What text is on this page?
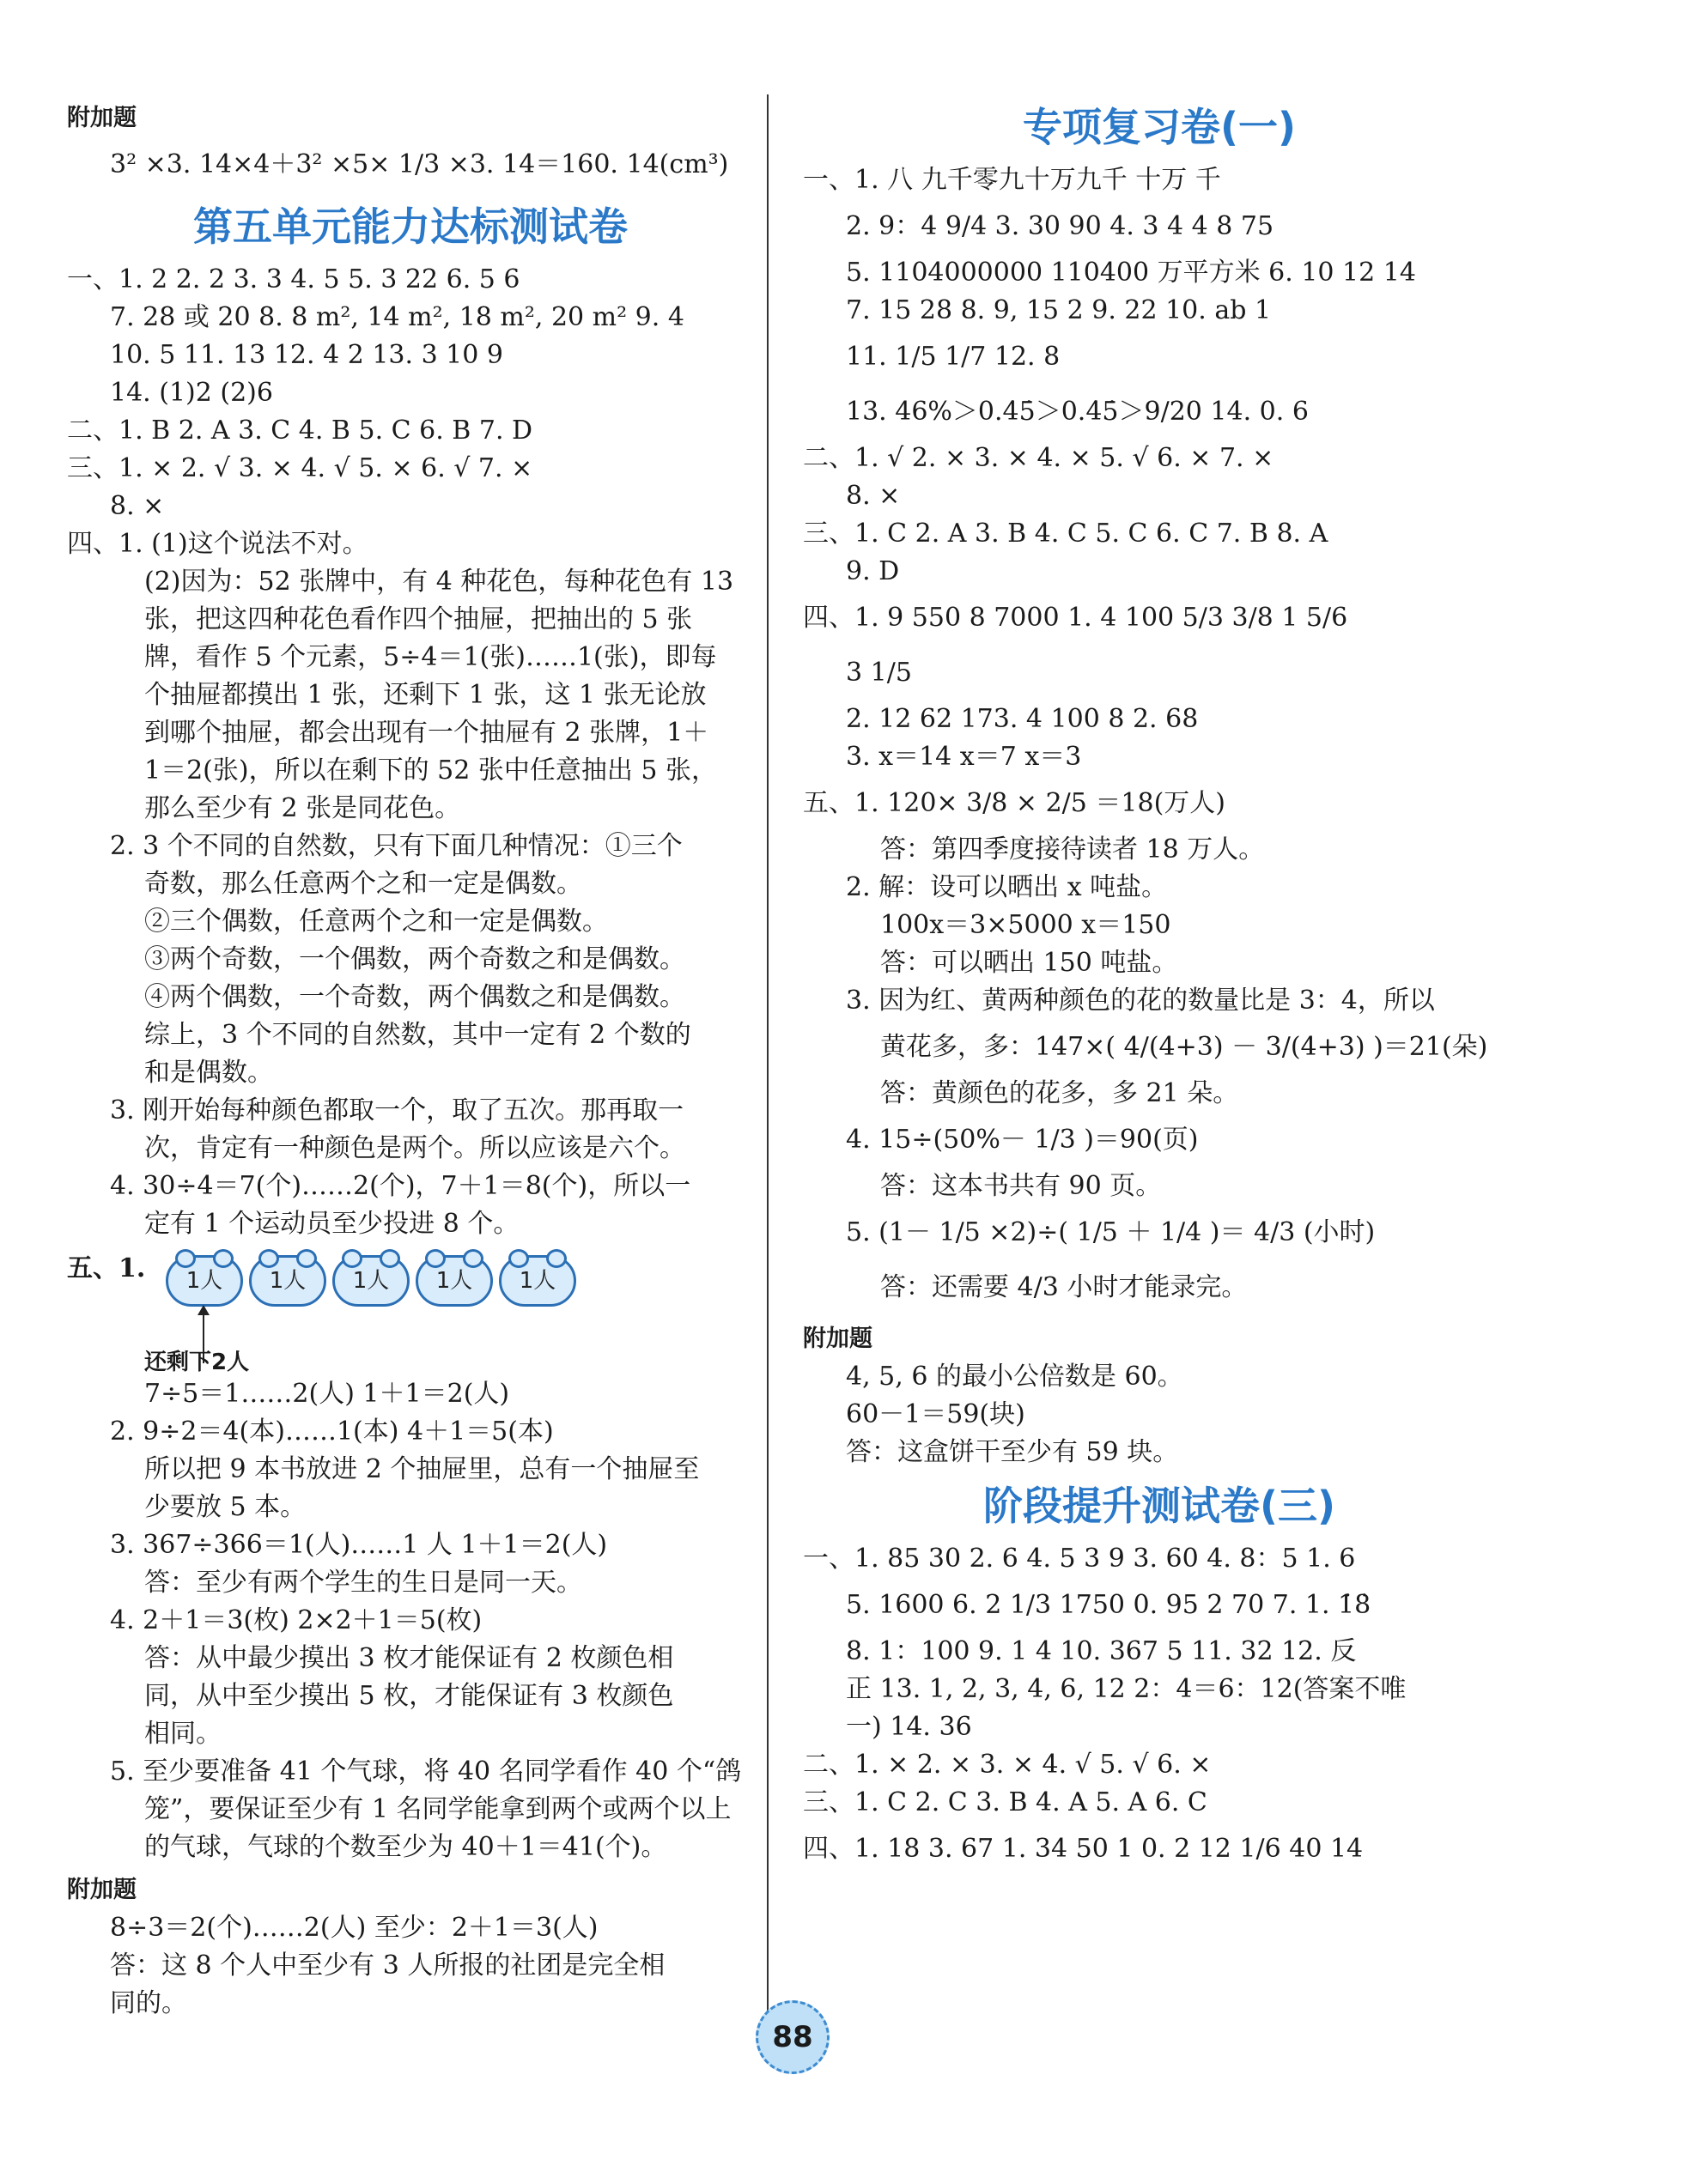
附加题
3² ×3. 14×4＋3² ×5× 1/3 ×3. 14＝160. 14(cm³)
第五单元能力达标测试卷
一、1. 2 2. 2 3. 3 4. 5 5. 3 22 6. 5 6
7. 28 或 20 8. 8 m², 14 m², 18 m², 20 m² 9. 4
10. 5 11. 13 12. 4 2 13. 3 10 9
14. (1)2 (2)6
二、1. B 2. A 3. C 4. B 5. C 6. B 7. D
三、1. × 2. √ 3. × 4. √ 5. × 6. √ 7. ×
8. ×
四、1. (1)这个说法不对。
(2)因为：52 张牌中，有 4 种花色，每种花色有 13
张，把这四种花色看作四个抽屉，把抽出的 5 张
牌，看作 5 个元素，5÷4＝1(张)……1(张)，即每
个抽屉都摸出 1 张，还剩下 1 张，这 1 张无论放
到哪个抽屉，都会出现有一个抽屉有 2 张牌，1＋
1＝2(张)，所以在剩下的 52 张中任意抽出 5 张，
那么至少有 2 张是同花色。
2. 3 个不同的自然数，只有下面几种情况：①三个
奇数，那么任意两个之和一定是偶数。
②三个偶数，任意两个之和一定是偶数。
③两个奇数，一个偶数，两个奇数之和是偶数。
④两个偶数，一个奇数，两个偶数之和是偶数。
综上，3 个不同的自然数，其中一定有 2 个数的
和是偶数。
3. 刚开始每种颜色都取一个，取了五次。那再取一
次，肯定有一种颜色是两个。所以应该是六个。
4. 30÷4＝7(个)……2(个)，7＋1＝8(个)，所以一
定有 1 个运动员至少投进 8 个。
五、1.	1人	1人	1人	1人	1人
还剩下2人
7÷5＝1……2(人) 1＋1＝2(人)
2. 9÷2＝4(本)……1(本) 4＋1＝5(本)
所以把 9 本书放进 2 个抽屉里，总有一个抽屉至
少要放 5 本。
3. 367÷366＝1(人)……1 人 1＋1＝2(人)
答：至少有两个学生的生日是同一天。
4. 2＋1＝3(枚) 2×2＋1＝5(枚)
答：从中最少摸出 3 枚才能保证有 2 枚颜色相
同，从中至少摸出 5 枚，才能保证有 3 枚颜色
相同。
5. 至少要准备 41 个气球，将 40 名同学看作 40 个“鸽
笼”，要保证至少有 1 名同学能拿到两个或两个以上
的气球，气球的个数至少为 40＋1＝41(个)。
附加题
8÷3＝2(个)……2(人) 至少：2＋1＝3(人)
答：这 8 个人中至少有 3 人所报的社团是完全相
同的。
专项复习卷(一)
一、1. 八 九千零九十万九千 十万 千
2. 9：4 9/4 3. 30 90 4. 3 4 4 8 75
5. 1104000000 110400 万平方米 6. 10 12 14
7. 15 28 8. 9, 15 2 9. 22 10. ab 1
11. 1/5 1/7 12. 8
13. 46%＞0.4̇5̇＞0.4̇5̇＞9/20 14. 0. 6
二、1. √ 2. × 3. × 4. × 5. √ 6. × 7. ×
8. ×
三、1. C 2. A 3. B 4. C 5. C 6. C 7. B 8. A
9. D
四、1. 9 550 8 7000 1. 4 100 5/3 3/8 1 5/6
3 1/5
2. 12 62 173. 4 100 8 2. 68
3. x＝14 x＝7 x＝3
五、1. 120× 3/8 × 2/5 ＝18(万人)
答：第四季度接待读者 18 万人。
2. 解：设可以晒出 x 吨盐。
100x＝3×5000 x＝150
答：可以晒出 150 吨盐。
3. 因为红、黄两种颜色的花的数量比是 3：4，所以
黄花多，多：147×( 4/(4+3) － 3/(4+3) )＝21(朵)
答：黄颜色的花多，多 21 朵。
4. 15÷(50%－ 1/3 )＝90(页)
答：这本书共有 90 页。
5. (1－ 1/5 ×2)÷( 1/5 ＋ 1/4 )＝ 4/3 (小时)
答：还需要 4/3 小时才能录完。
附加题
4, 5, 6 的最小公倍数是 60。
60－1＝59(块)
答：这盒饼干至少有 59 块。
阶段提升测试卷(三)
一、1. 85 30 2. 6 4. 5 3 9 3. 60 4. 8：5 1. 6
5. 1600 6. 2 1/3 1750 0. 95 2 70 7. 1. 1̇8̇
8. 1：100 9. 1 4 10. 367 5 11. 32 12. 反
正 13. 1, 2, 3, 4, 6, 12 2：4＝6：12(答案不唯
一) 14. 36
二、1. × 2. × 3. × 4. √ 5. √ 6. ×
三、1. C 2. C 3. B 4. A 5. A 6. C
四、1. 18 3. 67 1. 34 50 1 0. 2 12 1/6 40 14
88
